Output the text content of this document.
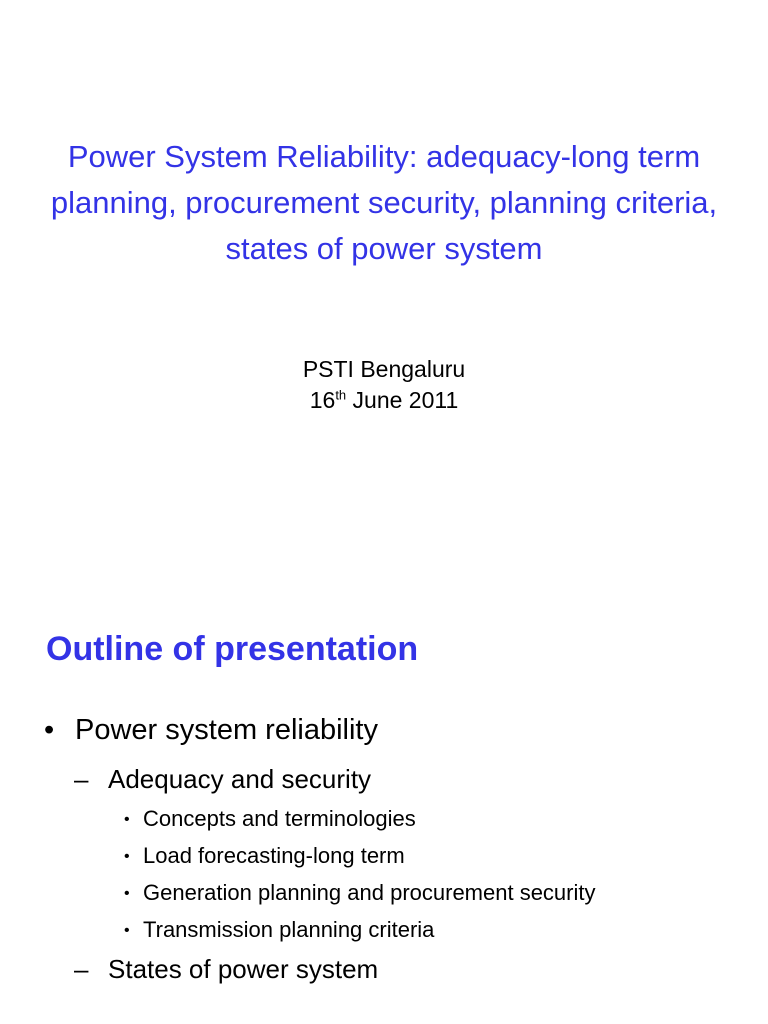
Power System Reliability: adequacy-long term planning, procurement security, planning criteria, states of power system
PSTI Bengaluru
16th June 2011
Outline of presentation
• Power system reliability
– Adequacy and security
• Concepts and terminologies
• Load forecasting-long term
• Generation planning and procurement security
• Transmission planning criteria
– States of power system
